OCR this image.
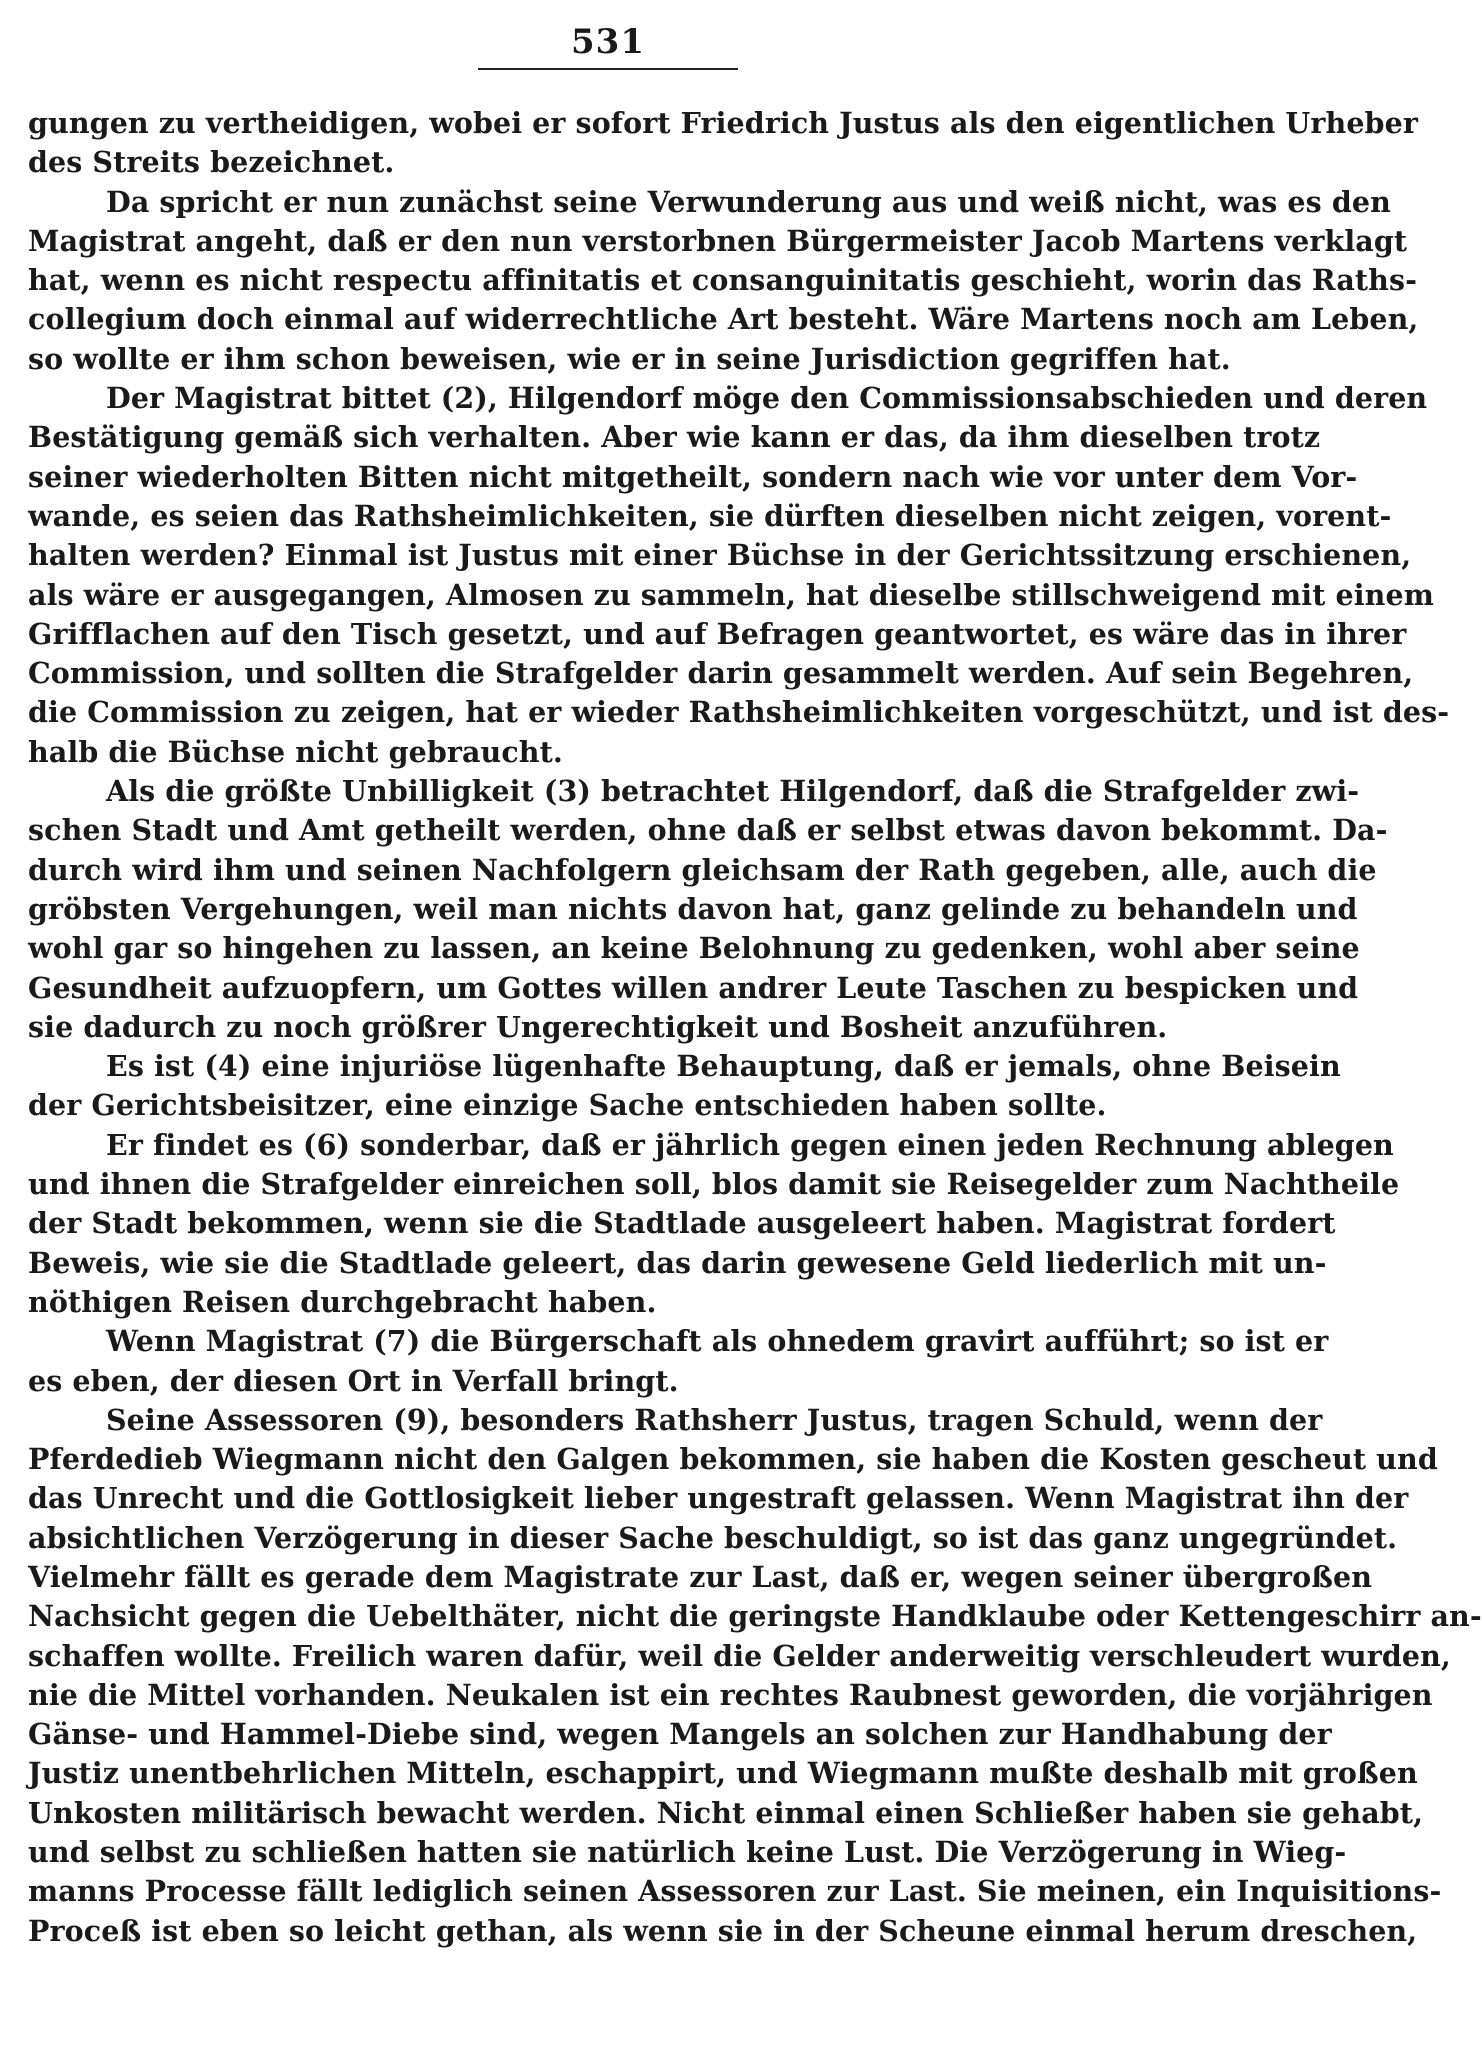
531
gungen zu vertheidigen, wobei er sofort Friedrich Justus als den eigentlichen Urheber
des Streits bezeichnet.
Da spricht er nun zunächst seine Verwunderung aus und weiß nicht, was es den
Magistrat angeht, daß er den nun verstorbnen Bürgermeister Jacob Martens verklagt
hat, wenn es nicht respectu affinitatis et consanguinitatis geschieht, worin das Raths-
collegium doch einmal auf widerrechtliche Art besteht. Wäre Martens noch am Leben,
so wollte er ihm schon beweisen, wie er in seine Jurisdiction gegriffen hat.
Der Magistrat bittet (2), Hilgendorf möge den Commissionsabschieden und deren
Bestätigung gemäß sich verhalten. Aber wie kann er das, da ihm dieselben trotz
seiner wiederholten Bitten nicht mitgetheilt, sondern nach wie vor unter dem Vor-
wande, es seien das Rathsheimlichkeiten, sie dürften dieselben nicht zeigen, vorent-
halten werden? Einmal ist Justus mit einer Büchse in der Gerichtssitzung erschienen,
als wäre er ausgegangen, Almosen zu sammeln, hat dieselbe stillschweigend mit einem
Grifflachen auf den Tisch gesetzt, und auf Befragen geantwortet, es wäre das in ihrer
Commission, und sollten die Strafgelder darin gesammelt werden. Auf sein Begehren,
die Commission zu zeigen, hat er wieder Rathsheimlichkeiten vorgeschützt, und ist des-
halb die Büchse nicht gebraucht.
Als die größte Unbilligkeit (3) betrachtet Hilgendorf, daß die Strafgelder zwi-
schen Stadt und Amt getheilt werden, ohne daß er selbst etwas davon bekommt. Da-
durch wird ihm und seinen Nachfolgern gleichsam der Rath gegeben, alle, auch die
gröbsten Vergehungen, weil man nichts davon hat, ganz gelinde zu behandeln und
wohl gar so hingehen zu lassen, an keine Belohnung zu gedenken, wohl aber seine
Gesundheit aufzuopfern, um Gottes willen andrer Leute Taschen zu bespicken und
sie dadurch zu noch größrer Ungerechtigkeit und Bosheit anzuführen.
Es ist (4) eine injuriöse lügenhafte Behauptung, daß er jemals, ohne Beisein
der Gerichtsbeisitzer, eine einzige Sache entschieden haben sollte.
Er findet es (6) sonderbar, daß er jährlich gegen einen jeden Rechnung ablegen
und ihnen die Strafgelder einreichen soll, blos damit sie Reisegelder zum Nachtheile
der Stadt bekommen, wenn sie die Stadtlade ausgeleert haben. Magistrat fordert
Beweis, wie sie die Stadtlade geleert, das darin gewesene Geld liederlich mit un-
nöthigen Reisen durchgebracht haben.
Wenn Magistrat (7) die Bürgerschaft als ohnedem gravirt aufführt; so ist er
es eben, der diesen Ort in Verfall bringt.
Seine Assessoren (9), besonders Rathsherr Justus, tragen Schuld, wenn der
Pferdedieb Wiegmann nicht den Galgen bekommen, sie haben die Kosten gescheut und
das Unrecht und die Gottlosigkeit lieber ungestraft gelassen. Wenn Magistrat ihn der
absichtlichen Verzögerung in dieser Sache beschuldigt, so ist das ganz ungegründet.
Vielmehr fällt es gerade dem Magistrate zur Last, daß er, wegen seiner übergroßen
Nachsicht gegen die Uebelthäter, nicht die geringste Handklaube oder Kettengeschirr an-
schaffen wollte. Freilich waren dafür, weil die Gelder anderweitig verschleudert wurden,
nie die Mittel vorhanden. Neukalen ist ein rechtes Raubnest geworden, die vorjährigen
Gänse- und Hammel-Diebe sind, wegen Mangels an solchen zur Handhabung der
Justiz unentbehrlichen Mitteln, eschappirt, und Wiegmann mußte deshalb mit großen
Unkosten militärisch bewacht werden. Nicht einmal einen Schließer haben sie gehabt,
und selbst zu schließen hatten sie natürlich keine Lust. Die Verzögerung in Wieg-
manns Processe fällt lediglich seinen Assessoren zur Last. Sie meinen, ein Inquisitions-
Proceß ist eben so leicht gethan, als wenn sie in der Scheune einmal herum dreschen,
